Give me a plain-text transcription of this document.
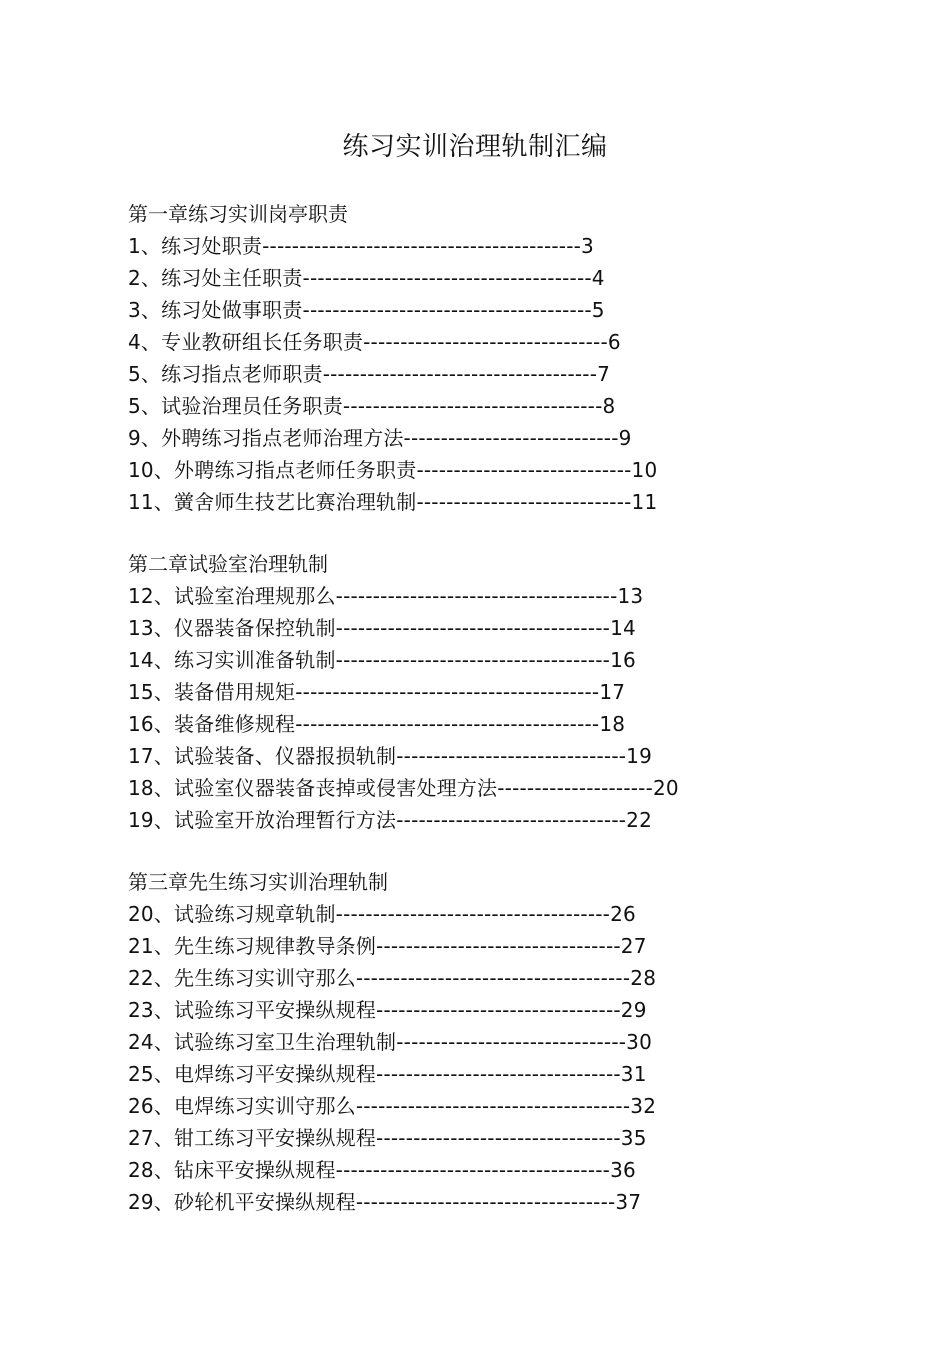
练习实训治理轨制汇编
第一章练习实训岗亭职责
1、练习处职责-------------------------------------------3
2、练习处主任职责---------------------------------------4
3、练习处做事职责---------------------------------------5
4、专业教研组长任务职责---------------------------------6
5、练习指点老师职责-------------------------------------7
5、试验治理员任务职责-----------------------------------8
9、外聘练习指点老师治理方法-----------------------------9
10、外聘练习指点老师任务职责-----------------------------10
11、黉舍师生技艺比赛治理轨制-----------------------------11
第二章试验室治理轨制
12、试验室治理规那么--------------------------------------13
13、仪器装备保控轨制-------------------------------------14
14、练习实训准备轨制-------------------------------------16
15、装备借用规矩-----------------------------------------17
16、装备维修规程-----------------------------------------18
17、试验装备、仪器报损轨制-------------------------------19
18、试验室仪器装备丧掉或侵害处理方法---------------------20
19、试验室开放治理暂行方法-------------------------------22
第三章先生练习实训治理轨制
20、试验练习规章轨制-------------------------------------26
21、先生练习规律教导条例---------------------------------27
22、先生练习实训守那么-------------------------------------28
23、试验练习平安操纵规程---------------------------------29
24、试验练习室卫生治理轨制-------------------------------30
25、电焊练习平安操纵规程---------------------------------31
26、电焊练习实训守那么-------------------------------------32
27、钳工练习平安操纵规程---------------------------------35
28、钻床平安操纵规程-------------------------------------36
29、砂轮机平安操纵规程-----------------------------------37
